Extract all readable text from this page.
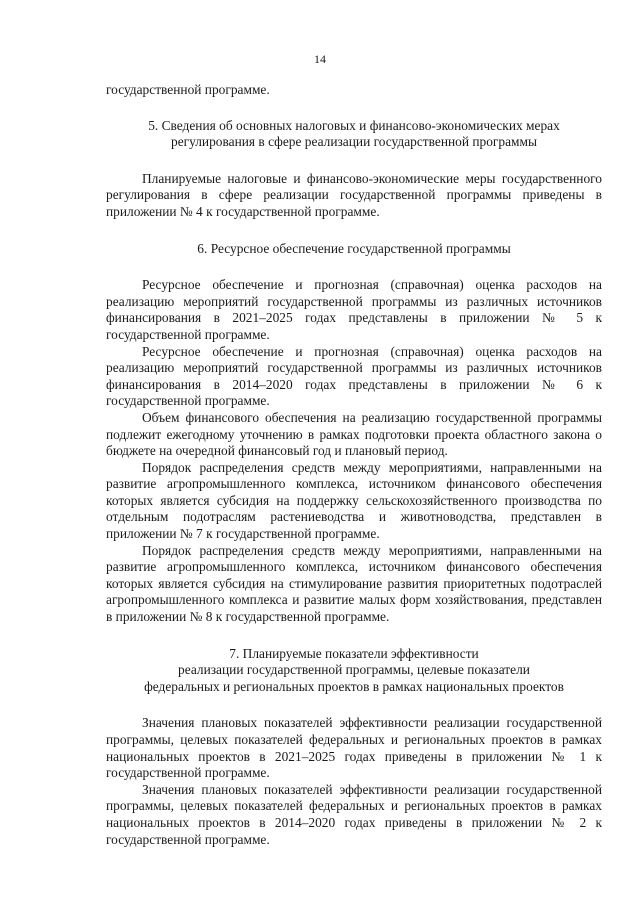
14

государственной программе.

5. Сведения об основных налоговых и финансово-экономических мерах
регулирования в сфере реализации государственной программы

Планируемые налоговые и финансово-экономические меры государственного регулирования в сфере реализации государственной программы приведены в приложении № 4 к государственной программе.

6. Ресурсное обеспечение государственной программы

Ресурсное обеспечение и прогнозная (справочная) оценка расходов на реализацию мероприятий государственной программы из различных источников финансирования в 2021–2025 годах представлены в приложении № 5 к государственной программе.

Ресурсное обеспечение и прогнозная (справочная) оценка расходов на реализацию мероприятий государственной программы из различных источников финансирования в 2014–2020 годах представлены в приложении № 6 к государственной программе.

Объем финансового обеспечения на реализацию государственной программы подлежит ежегодному уточнению в рамках подготовки проекта областного закона о бюджете на очередной финансовый год и плановый период.

Порядок распределения средств между мероприятиями, направленными на развитие агропромышленного комплекса, источником финансового обеспечения которых является субсидия на поддержку сельскохозяйственного производства по отдельным подотраслям растениеводства и животноводства, представлен в приложении № 7 к государственной программе.

Порядок распределения средств между мероприятиями, направленными на развитие агропромышленного комплекса, источником финансового обеспечения которых является субсидия на стимулирование развития приоритетных подотраслей агропромышленного комплекса и развитие малых форм хозяйствования, представлен в приложении № 8 к государственной программе.

7. Планируемые показатели эффективности
реализации государственной программы, целевые показатели
федеральных и региональных проектов в рамках национальных проектов

Значения плановых показателей эффективности реализации государственной программы, целевых показателей федеральных и региональных проектов в рамках национальных проектов в 2021–2025 годах приведены в приложении № 1 к государственной программе.

Значения плановых показателей эффективности реализации государственной программы, целевых показателей федеральных и региональных проектов в рамках национальных проектов в 2014–2020 годах приведены в приложении № 2 к государственной программе.
